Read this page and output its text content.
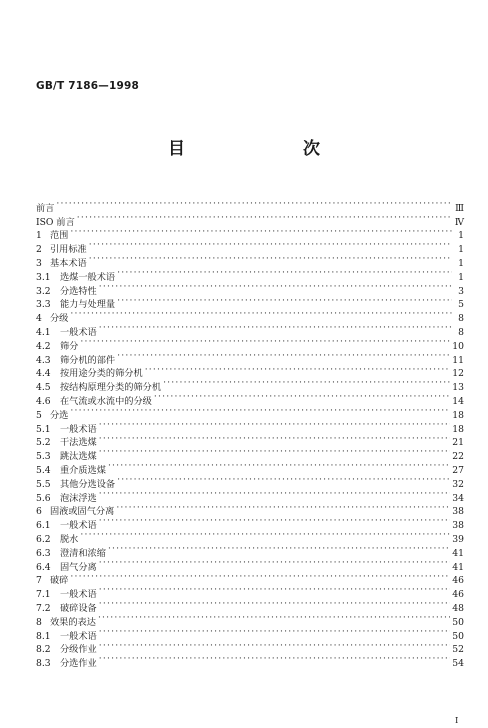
GB/T 7186—1998
目　　次
前言 ·····	Ⅲ
ISO 前言 ·····	Ⅳ
1 范围 ·····	1
2 引用标准 ·····	1
3 基本术语 ·····	1
3.1	选煤一般术语 ·····	1
3.2	分选特性 ·····	3
3.3	能力与处理量 ·····	5
4 分级 ·····	8
4.1	一般术语 ·····	8
4.2	筛分 ·····	10
4.3	筛分机的部件 ·····	11
4.4	按用途分类的筛分机 ·····	12
4.5	按结构原理分类的筛分机 ·····	13
4.6	在气流或水流中的分级 ·····	14
5 分选 ·····	18
5.1	一般术语 ·····	18
5.2	干法选煤 ·····	21
5.3	跳汰选煤 ·····	22
5.4	重介质选煤 ·····	27
5.5	其他分选设备 ·····	32
5.6	泡沫浮选 ·····	34
6 固液或固气分离 ·····	38
6.1	一般术语 ·····	38
6.2	脱水 ·····	39
6.3	澄清和浓缩 ·····	41
6.4	固气分离 ·····	41
7 破碎 ·····	46
7.1	一般术语 ·····	46
7.2	破碎设备 ·····	48
8 效果的表达 ·····	50
8.1	一般术语 ·····	50
8.2	分级作业 ·····	52
8.3	分选作业 ·····	54
Ⅰ
